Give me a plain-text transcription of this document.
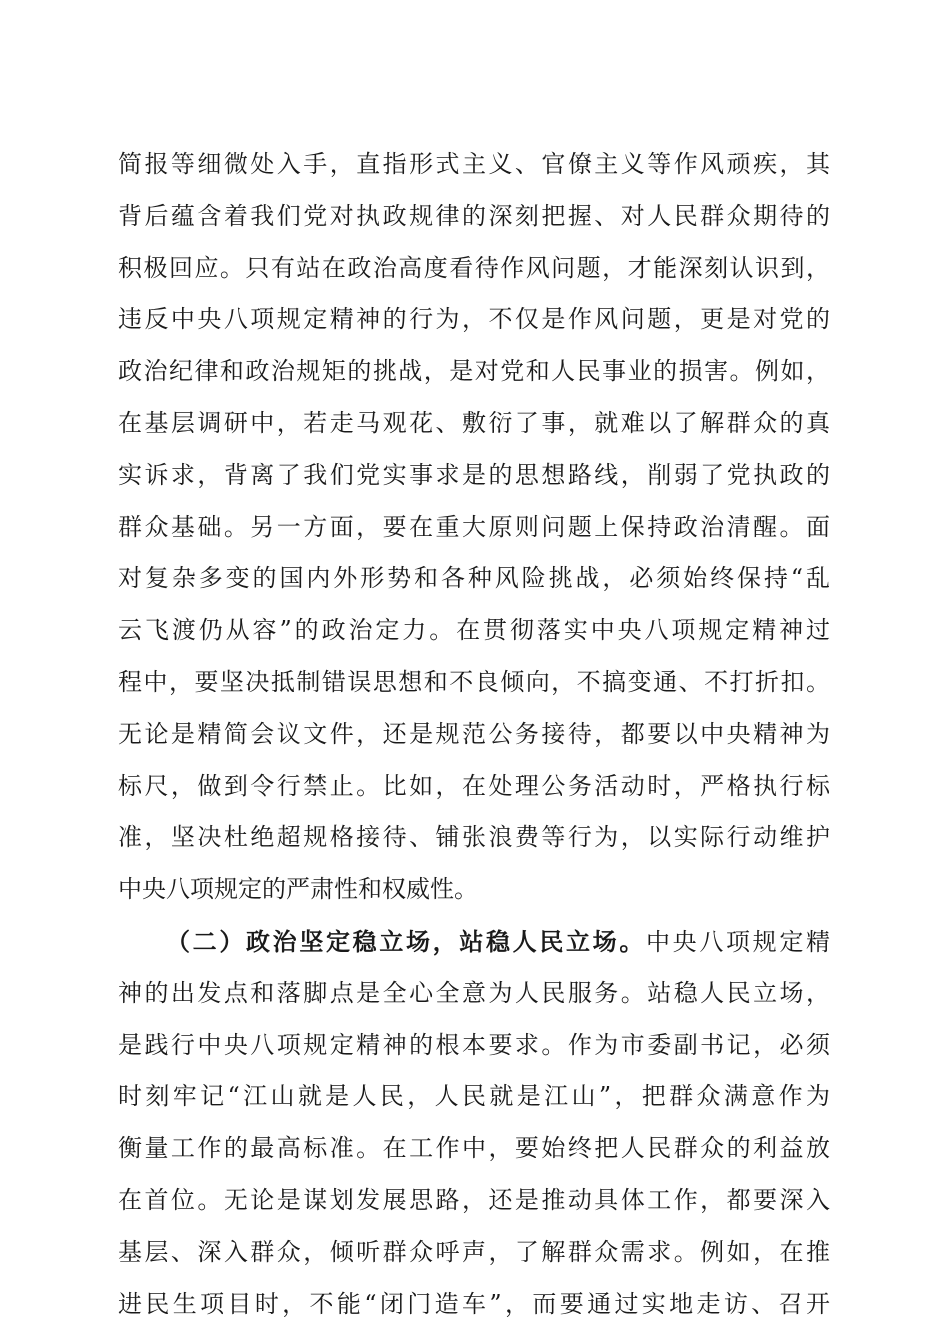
简报等细微处入手，直指形式主义、官僚主义等作风顽疾，其
背后蕴含着我们党对执政规律的深刻把握、对人民群众期待的
积极回应。只有站在政治高度看待作风问题，才能深刻认识到，
违反中央八项规定精神的行为，不仅是作风问题，更是对党的
政治纪律和政治规矩的挑战，是对党和人民事业的损害。例如，
在基层调研中，若走马观花、敷衍了事，就难以了解群众的真
实诉求，背离了我们党实事求是的思想路线，削弱了党执政的
群众基础。另一方面，要在重大原则问题上保持政治清醒。面
对复杂多变的国内外形势和各种风险挑战，必须始终保持“乱
云飞渡仍从容”的政治定力。在贯彻落实中央八项规定精神过
程中，要坚决抵制错误思想和不良倾向，不搞变通、不打折扣。
无论是精简会议文件，还是规范公务接待，都要以中央精神为
标尺，做到令行禁止。比如，在处理公务活动时，严格执行标
准，坚决杜绝超规格接待、铺张浪费等行为，以实际行动维护
中央八项规定的严肃性和权威性。
（二）政治坚定稳立场，站稳人民立场。中央八项规定精
神的出发点和落脚点是全心全意为人民服务。站稳人民立场，
是践行中央八项规定精神的根本要求。作为市委副书记，必须
时刻牢记“江山就是人民，人民就是江山”，把群众满意作为
衡量工作的最高标准。在工作中，要始终把人民群众的利益放
在首位。无论是谋划发展思路，还是推动具体工作，都要深入
基层、深入群众，倾听群众呼声，了解群众需求。例如，在推
进民生项目时，不能“闭门造车”，而要通过实地走访、召开
